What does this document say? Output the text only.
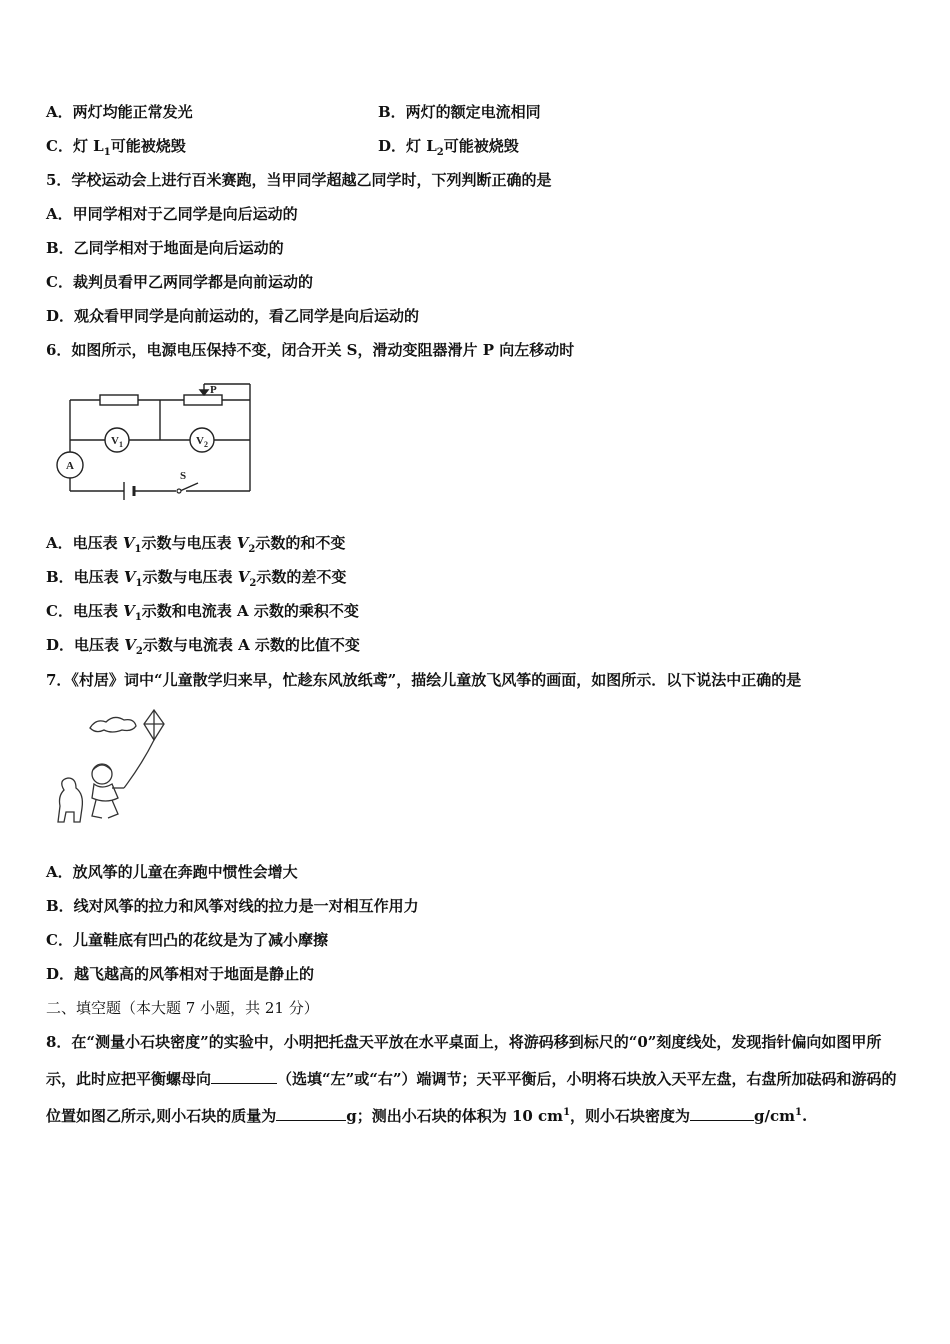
A．两灯均能正常发光	B．两灯的额定电流相同
C．灯 $L_1$可能被烧毁	D．灯 $L_2$可能被烧毁
5．学校运动会上进行百米赛跑，当甲同学超越乙同学时，下列判断正确的是
A．甲同学相对于乙同学是向后运动的
B．乙同学相对于地面是向后运动的
C．裁判员看甲乙两同学都是向前运动的
D．观众看甲同学是向前运动的，看乙同学是向后运动的
6．如图所示，电源电压保持不变，闭合开关 S，滑动变阻器滑片 P 向左移动时
P
$V_1$	$V_2$
A
S
A．电压表 $V_1$示数与电压表 $V_2$示数的和不变
B．电压表 $V_1$示数与电压表 $V_2$示数的差不变
C．电压表 $V_1$示数和电流表 A 示数的乘积不变
D．电压表 $V_2$示数与电流表 A 示数的比值不变
7．《村居》词中“儿童散学归来早，忙趁东风放纸鸢”，描绘儿童放飞风筝的画面，如图所示．以下说法中正确的是
A．放风筝的儿童在奔跑中惯性会增大
B．线对风筝的拉力和风筝对线的拉力是一对相互作用力
C．儿童鞋底有凹凸的花纹是为了减小摩擦
D．越飞越高的风筝相对于地面是静止的
二、填空题（本大题 7 小题，共 21 分）
8．在“测量小石块密度”的实验中，小明把托盘天平放在水平桌面上，将游码移到标尺的“0”刻度线处，发现指针偏向如图甲所示，此时应把平衡螺母向	（选填“左”或“右”）端调节；天平平衡后，小明将石块放入天平左盘，右盘所加砝码和游码的位置如图乙所示,则小石块的质量为	g；测出小石块的体积为 10 $cm^1$，则小石块密度为	$g/cm^1$.
